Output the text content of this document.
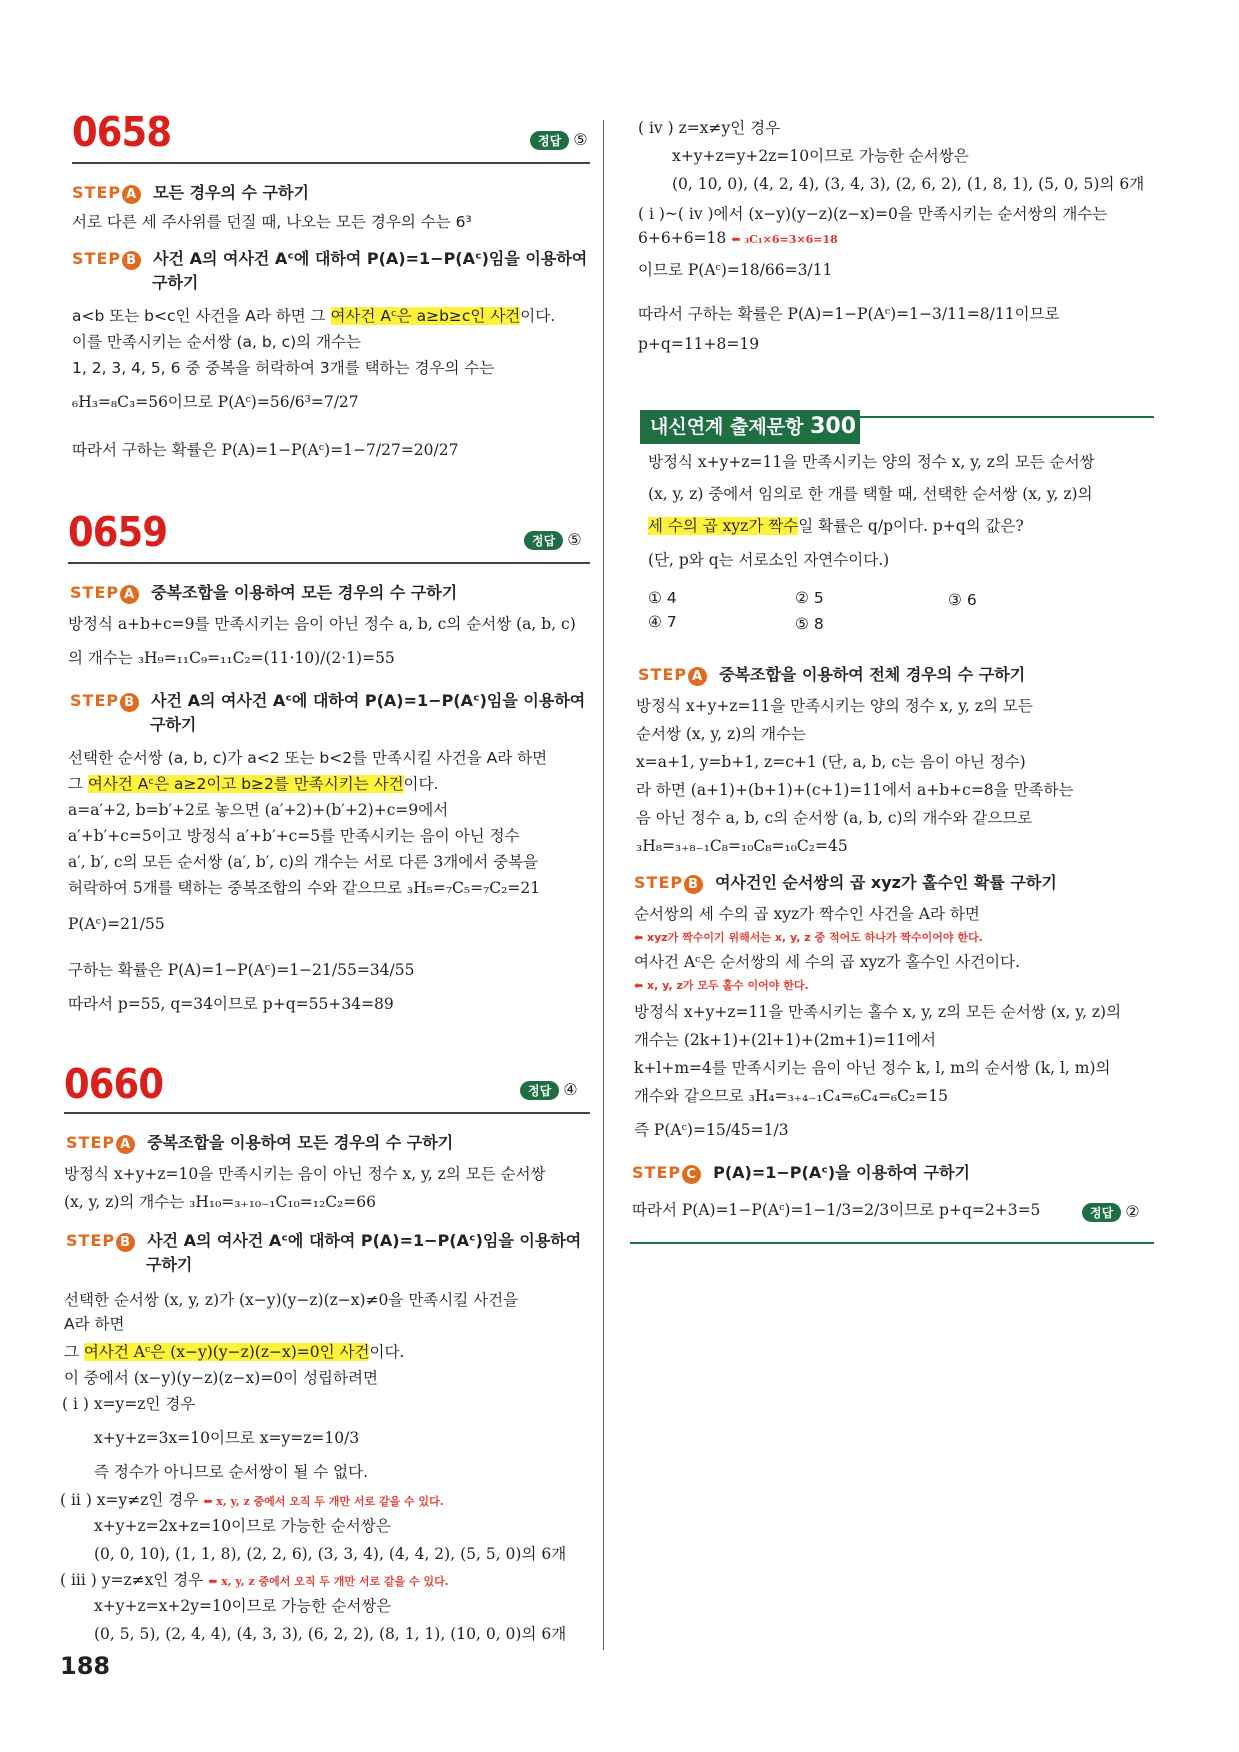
0658	정답 ⑤
STEP A 모든 경우의 수 구하기
서로 다른 세 주사위를 던질 때, 나오는 모든 경우의 수는 6³
STEP B 사건 A의 여사건 Aᶜ에 대하여 P(A)=1−P(Aᶜ)임을 이용하여
구하기
a<b 또는 b<c인 사건을 A라 하면 그 여사건 Aᶜ은 a≥b≥c인 사건이다.
이를 만족시키는 순서쌍 (a, b, c)의 개수는
1, 2, 3, 4, 5, 6 중 중복을 허락하여 3개를 택하는 경우의 수는
₆H₃=₈C₃=56이므로 P(Aᶜ)=56/6³=7/27
따라서 구하는 확률은 P(A)=1−P(Aᶜ)=1−7/27=20/27
0659	정답 ⑤
STEP A 중복조합을 이용하여 모든 경우의 수 구하기
방정식 a+b+c=9를 만족시키는 음이 아닌 정수 a, b, c의 순서쌍 (a, b, c)
의 개수는 ₃H₉=₁₁C₉=₁₁C₂=(11·10)/(2·1)=55
STEP B 사건 A의 여사건 Aᶜ에 대하여 P(A)=1−P(Aᶜ)임을 이용하여
구하기
선택한 순서쌍 (a, b, c)가 a<2 또는 b<2를 만족시킬 사건을 A라 하면
그 여사건 Aᶜ은 a≥2이고 b≥2를 만족시키는 사건이다.
a=a′+2, b=b′+2로 놓으면 (a′+2)+(b′+2)+c=9에서
a′+b′+c=5이고 방정식 a′+b′+c=5를 만족시키는 음이 아닌 정수
a′, b′, c의 모든 순서쌍 (a′, b′, c)의 개수는 서로 다른 3개에서 중복을
허락하여 5개를 택하는 중복조합의 수와 같으므로 ₃H₅=₇C₅=₇C₂=21
P(Aᶜ)=21/55
구하는 확률은 P(A)=1−P(Aᶜ)=1−21/55=34/55
따라서 p=55, q=34이므로 p+q=55+34=89
0660	정답 ④
STEP A 중복조합을 이용하여 모든 경우의 수 구하기
방정식 x+y+z=10을 만족시키는 음이 아닌 정수 x, y, z의 모든 순서쌍
(x, y, z)의 개수는 ₃H₁₀=₃₊₁₀₋₁C₁₀=₁₂C₂=66
STEP B 사건 A의 여사건 Aᶜ에 대하여 P(A)=1−P(Aᶜ)임을 이용하여
구하기
선택한 순서쌍 (x, y, z)가 (x−y)(y−z)(z−x)≠0을 만족시킬 사건을
A라 하면
그 여사건 Aᶜ은 (x−y)(y−z)(z−x)=0인 사건이다.
이 중에서 (x−y)(y−z)(z−x)=0이 성립하려면
( i ) x=y=z인 경우
x+y+z=3x=10이므로 x=y=z=10/3
즉 정수가 아니므로 순서쌍이 될 수 없다.
( ii ) x=y≠z인 경우 ⬅ x, y, z 중에서 오직 두 개만 서로 같을 수 있다.
x+y+z=2x+z=10이므로 가능한 순서쌍은
(0, 0, 10), (1, 1, 8), (2, 2, 6), (3, 3, 4), (4, 4, 2), (5, 5, 0)의 6개
( iii ) y=z≠x인 경우 ⬅ x, y, z 중에서 오직 두 개만 서로 같을 수 있다.
x+y+z=x+2y=10이므로 가능한 순서쌍은
(0, 5, 5), (2, 4, 4), (4, 3, 3), (6, 2, 2), (8, 1, 1), (10, 0, 0)의 6개
188
( iv ) z=x≠y인 경우
x+y+z=y+2z=10이므로 가능한 순서쌍은
(0, 10, 0), (4, 2, 4), (3, 4, 3), (2, 6, 2), (1, 8, 1), (5, 0, 5)의 6개
( i )~( iv )에서 (x−y)(y−z)(z−x)=0을 만족시키는 순서쌍의 개수는
6+6+6=18 ⬅ ₃C₁×6=3×6=18
이므로 P(Aᶜ)=18/66=3/11
따라서 구하는 확률은 P(A)=1−P(Aᶜ)=1−3/11=8/11이므로
p+q=11+8=19
내신연계 출제문항 300
방정식 x+y+z=11을 만족시키는 양의 정수 x, y, z의 모든 순서쌍
(x, y, z) 중에서 임의로 한 개를 택할 때, 선택한 순서쌍 (x, y, z)의
세 수의 곱 xyz가 짝수일 확률은 q/p이다. p+q의 값은?
(단, p와 q는 서로소인 자연수이다.)
① 4	② 5	③ 6
④ 7	⑤ 8
STEP A 중복조합을 이용하여 전체 경우의 수 구하기
방정식 x+y+z=11을 만족시키는 양의 정수 x, y, z의 모든
순서쌍 (x, y, z)의 개수는
x=a+1, y=b+1, z=c+1 (단, a, b, c는 음이 아닌 정수)
라 하면 (a+1)+(b+1)+(c+1)=11에서 a+b+c=8을 만족하는
음 아닌 정수 a, b, c의 순서쌍 (a, b, c)의 개수와 같으므로
₃H₈=₃₊₈₋₁C₈=₁₀C₈=₁₀C₂=45
STEP B 여사건인 순서쌍의 곱 xyz가 홀수인 확률 구하기
순서쌍의 세 수의 곱 xyz가 짝수인 사건을 A라 하면
⬅ xyz가 짝수이기 위해서는 x, y, z 중 적어도 하나가 짝수이어야 한다.
여사건 Aᶜ은 순서쌍의 세 수의 곱 xyz가 홀수인 사건이다.
⬅ x, y, z가 모두 홀수 이어야 한다.
방정식 x+y+z=11을 만족시키는 홀수 x, y, z의 모든 순서쌍 (x, y, z)의
개수는 (2k+1)+(2l+1)+(2m+1)=11에서
k+l+m=4를 만족시키는 음이 아닌 정수 k, l, m의 순서쌍 (k, l, m)의
개수와 같으므로 ₃H₄=₃₊₄₋₁C₄=₆C₄=₆C₂=15
즉 P(Aᶜ)=15/45=1/3
STEP C P(A)=1−P(Aᶜ)을 이용하여 구하기
따라서 P(A)=1−P(Aᶜ)=1−1/3=2/3이므로 p+q=2+3=5	정답 ②
